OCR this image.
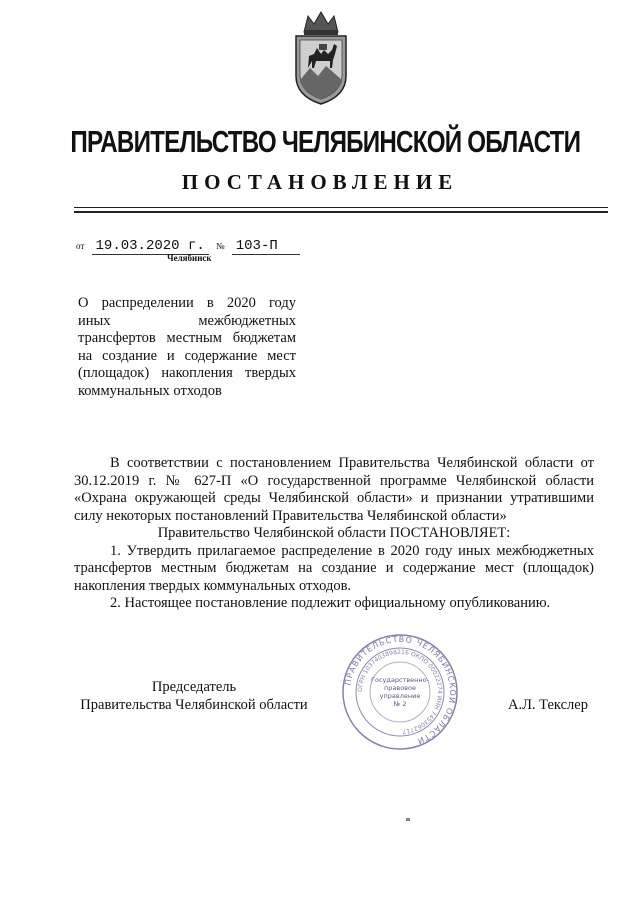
ПРАВИТЕЛЬСТВО ЧЕЛЯБИНСКОЙ ОБЛАСТИ
ПОСТАНОВЛЕНИЕ
от 19.03.2020 г. № 103-П
Челябинск
О распределении в 2020 году
иных межбюджетных
трансфертов местным бюджетам
на создание и содержание мест
(площадок) накопления твердых
коммунальных отходов

В соответствии с постановлением Правительства Челябинской области от 30.12.2019 г. № 627-П «О государственной программе Челябинской области «Охрана окружающей среды Челябинской области» и признании утратившими силу некоторых постановлений Правительства Челябинской области»

Правительство Челябинской области ПОСТАНОВЛЯЕТ:

1. Утвердить прилагаемое распределение в 2020 году иных межбюджетных трансфертов местным бюджетам на создание и содержание мест (площадок) накопления твердых коммунальных отходов.

2. Настоящее постановление подлежит официальному опубликованию.

Председатель
Правительства Челябинской области	А.Л. Текслер
ПРАВИТЕЛЬСТВО ЧЕЛЯБИНСКОЙ ОБЛАСТИ
ОГРН 1037403898216 ОКПО 00022274 ИНН 7453062717
Государственно-
правовое
управление
№ 2
